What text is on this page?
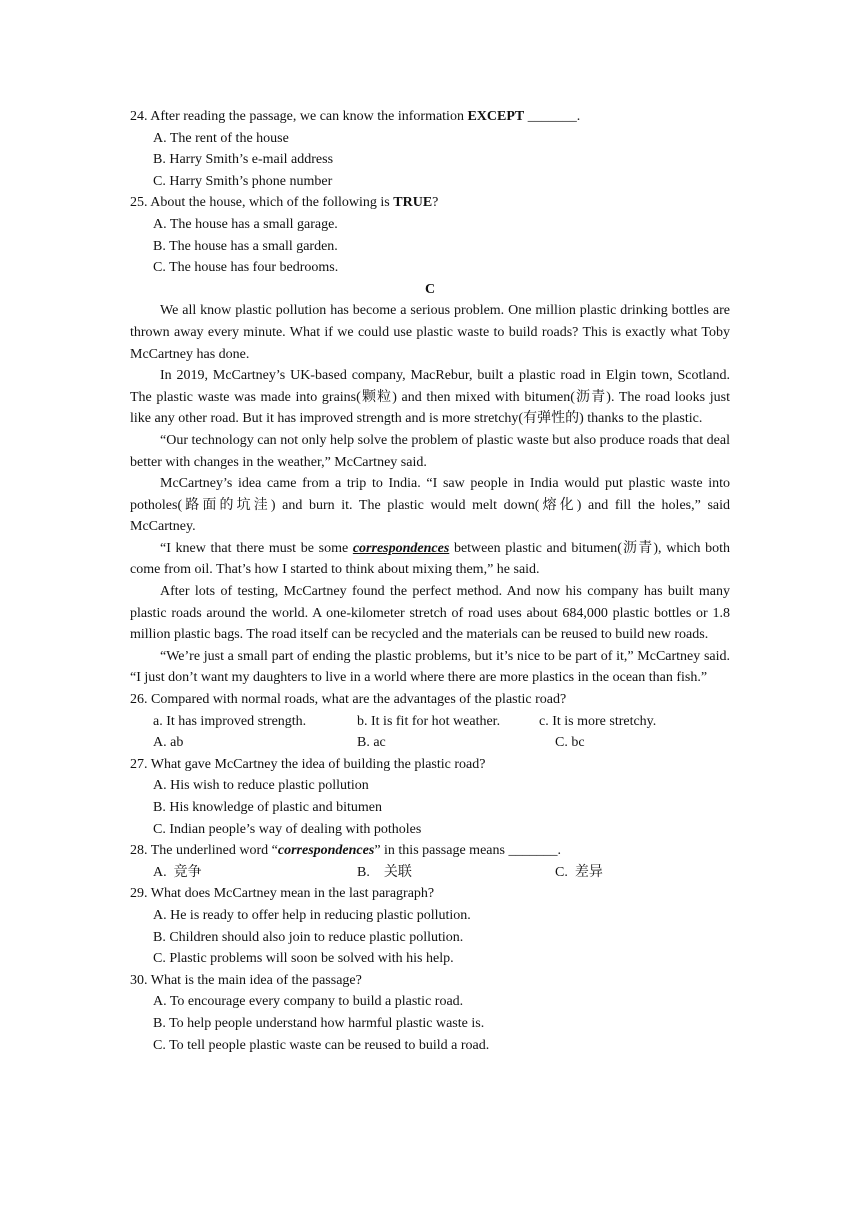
24. After reading the passage, we can know the information EXCEPT _______.
A. The rent of the house
B. Harry Smith’s e-mail address
C. Harry Smith’s phone number
25. About the house, which of the following is TRUE?
A. The house has a small garage.
B. The house has a small garden.
C. The house has four bedrooms.
C
We all know plastic pollution has become a serious problem. One million plastic drinking bottles are thrown away every minute. What if we could use plastic waste to build roads? This is exactly what Toby McCartney has done.
In 2019, McCartney’s UK-based company, MacRebur, built a plastic road in Elgin town, Scotland. The plastic waste was made into grains(颗粒) and then mixed with bitumen(沥青). The road looks just like any other road. But it has improved strength and is more stretchy(有弹性的) thanks to the plastic.
“Our technology can not only help solve the problem of plastic waste but also produce roads that deal better with changes in the weather,” McCartney said.
McCartney’s idea came from a trip to India. “I saw people in India would put plastic waste into potholes(路面的坑洼) and burn it. The plastic would melt down(熔化) and fill the holes,” said McCartney.
“I knew that there must be some correspondences between plastic and bitumen(沥青), which both come from oil. That’s how I started to think about mixing them,” he said.
After lots of testing, McCartney found the perfect method. And now his company has built many plastic roads around the world. A one-kilometer stretch of road uses about 684,000 plastic bottles or 1.8 million plastic bags. The road itself can be recycled and the materials can be reused to build new roads.
“We’re just a small part of ending the plastic problems, but it’s nice to be part of it,” McCartney said. “I just don’t want my daughters to live in a world where there are more plastics in the ocean than fish.”
26. Compared with normal roads, what are the advantages of the plastic road?
a. It has improved strength.	b. It is fit for hot weather.	c. It is more stretchy.
A. ab	B. ac	C. bc
27. What gave McCartney the idea of building the plastic road?
A. His wish to reduce plastic pollution
B. His knowledge of plastic and bitumen
C. Indian people’s way of dealing with potholes
28. The underlined word “correspondences” in this passage means _______.
A.  竞争	B.    关联	C.  差异
29. What does McCartney mean in the last paragraph?
A. He is ready to offer help in reducing plastic pollution.
B. Children should also join to reduce plastic pollution.
C. Plastic problems will soon be solved with his help.
30. What is the main idea of the passage?
A. To encourage every company to build a plastic road.
B. To help people understand how harmful plastic waste is.
C. To tell people plastic waste can be reused to build a road.
